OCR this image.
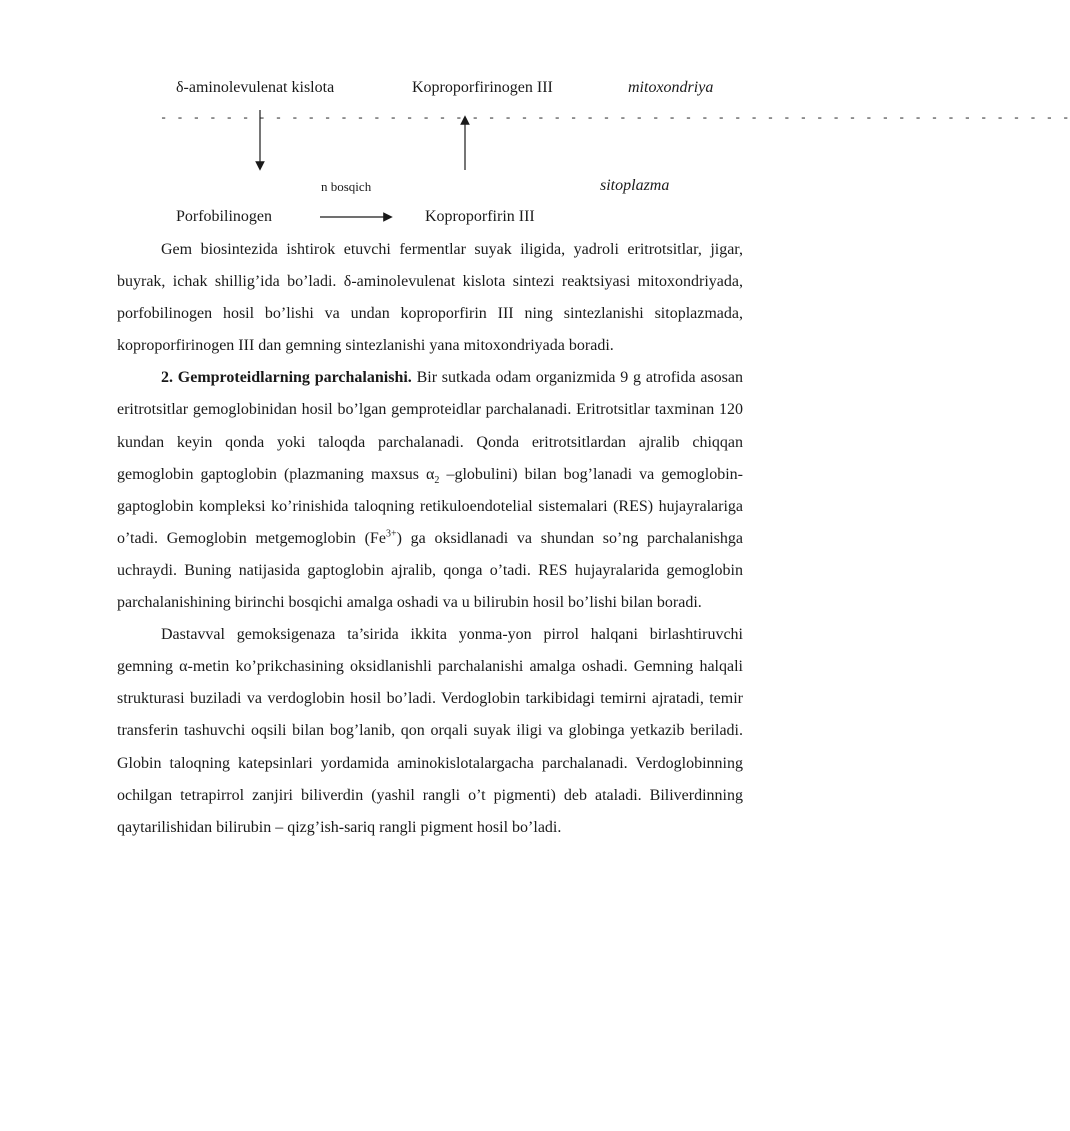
δ-aminolevulenat kislota	Koproporfirinogen III	mitoxondriya
- - - - - - - - - - - - - - - - - - - - - - - - - - - - - - - - - - - - - - - - - - - - - - - - - - - - - - - -
n bosqich	sitoplazma
Porfobilinogen	Koproporfirin III

Gem biosintezida ishtirok etuvchi fermentlar suyak iligida, yadroli eritrotsitlar, jigar, buyrak, ichak shillig’ida bo’ladi. δ-aminolevulenat kislota sintezi reaktsiyasi mitoxondriyada, porfobilinogen hosil bo’lishi va undan koproporfirin III ning sintezlanishi sitoplazmada, koproporfirinogen III dan gemning sintezlanishi yana mitoxondriyada boradi.

2. Gemproteidlarning parchalanishi. Bir sutkada odam organizmida 9 g atrofida asosan eritrotsitlar gemoglobinidan hosil bo’lgan gemproteidlar parchalanadi. Eritrotsitlar taxminan 120 kundan keyin qonda yoki taloqda parchalanadi. Qonda eritrotsitlardan ajralib chiqqan gemoglobin gaptoglobin (plazmaning maxsus $\alpha_2$ –globulini) bilan bog’lanadi va gemoglobin-gaptoglobin kompleksi ko’rinishida taloqning retikuloendotelial sistemalari (RES) hujayralariga o’tadi. Gemoglobin metgemoglobin $(Fe^{3+})$ ga oksidlanadi va shundan so’ng parchalanishga uchraydi. Buning natijasida gaptoglobin ajralib, qonga o’tadi. RES hujayralarida gemoglobin parchalanishining birinchi bosqichi amalga oshadi va u bilirubin hosil bo’lishi bilan boradi.

Dastavval gemoksigenaza ta’sirida ikkita yonma-yon pirrol halqani birlashtiruvchi gemning α-metin ko’prikchasining oksidlanishli parchalanishi amalga oshadi. Gemning halqali strukturasi buziladi va verdoglobin hosil bo’ladi. Verdoglobin tarkibidagi temirni ajratadi, temir transferin tashuvchi oqsili bilan bog’lanib, qon orqali suyak iligi va globinga yetkazib beriladi. Globin taloqning katepsinlari yordamida aminokislotalargacha parchalanadi. Verdoglobinning ochilgan tetrapirrol zanjiri biliverdin (yashil rangli o’t pigmenti) deb ataladi. Biliverdinning qaytarilishidan bilirubin – qizg’ish-sariq rangli pigment hosil bo’ladi.
